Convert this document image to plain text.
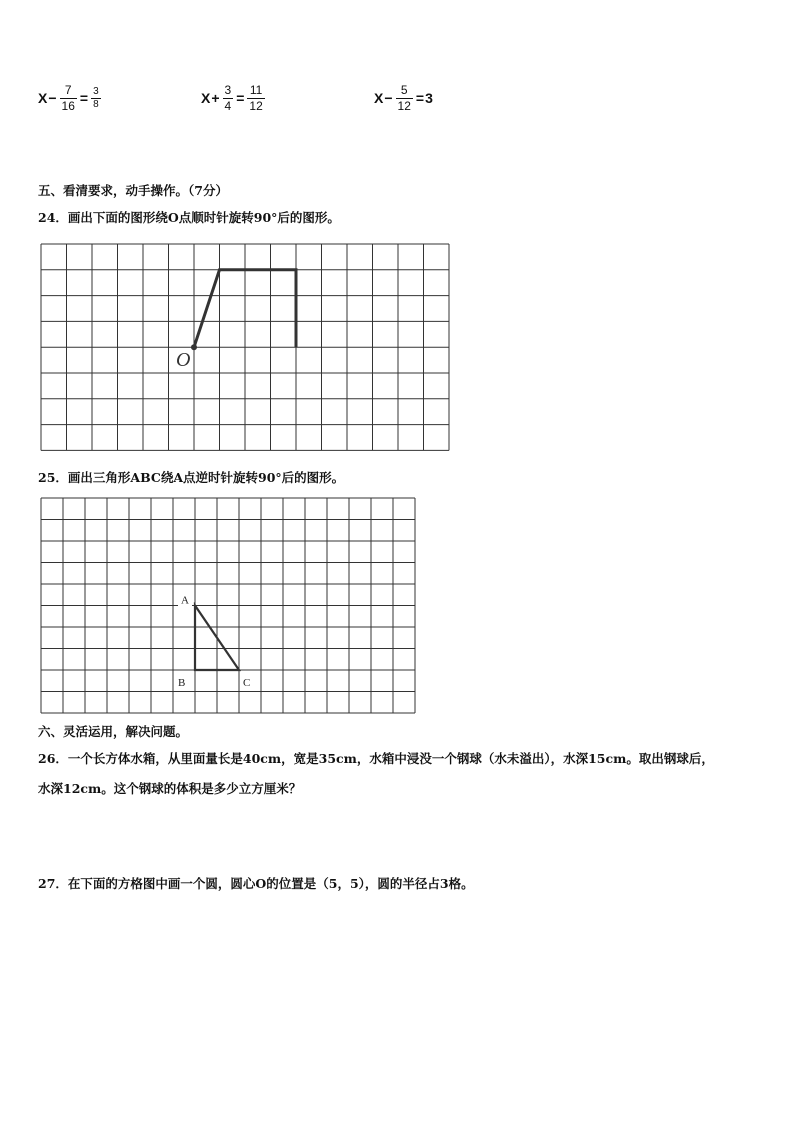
$X - \frac{7}{16} = \frac{3}{8}$	$X + \frac{3}{4} = \frac{11}{12}$	$X - \frac{5}{12} = 3$
五、看清要求，动手操作。（7分）
24．画出下面的图形绕O点顺时针旋转90°后的图形。
O
25．画出三角形ABC绕A点逆时针旋转90°后的图形。
A
B	C
六、灵活运用，解决问题。
26．一个长方体水箱，从里面量长是40cm，宽是35cm，水箱中浸没一个钢球（水未溢出），水深15cm。取出钢球后，
水深12cm。这个钢球的体积是多少立方厘米？
27．在下面的方格图中画一个圆，圆心O的位置是（5，5），圆的半径占3格。
